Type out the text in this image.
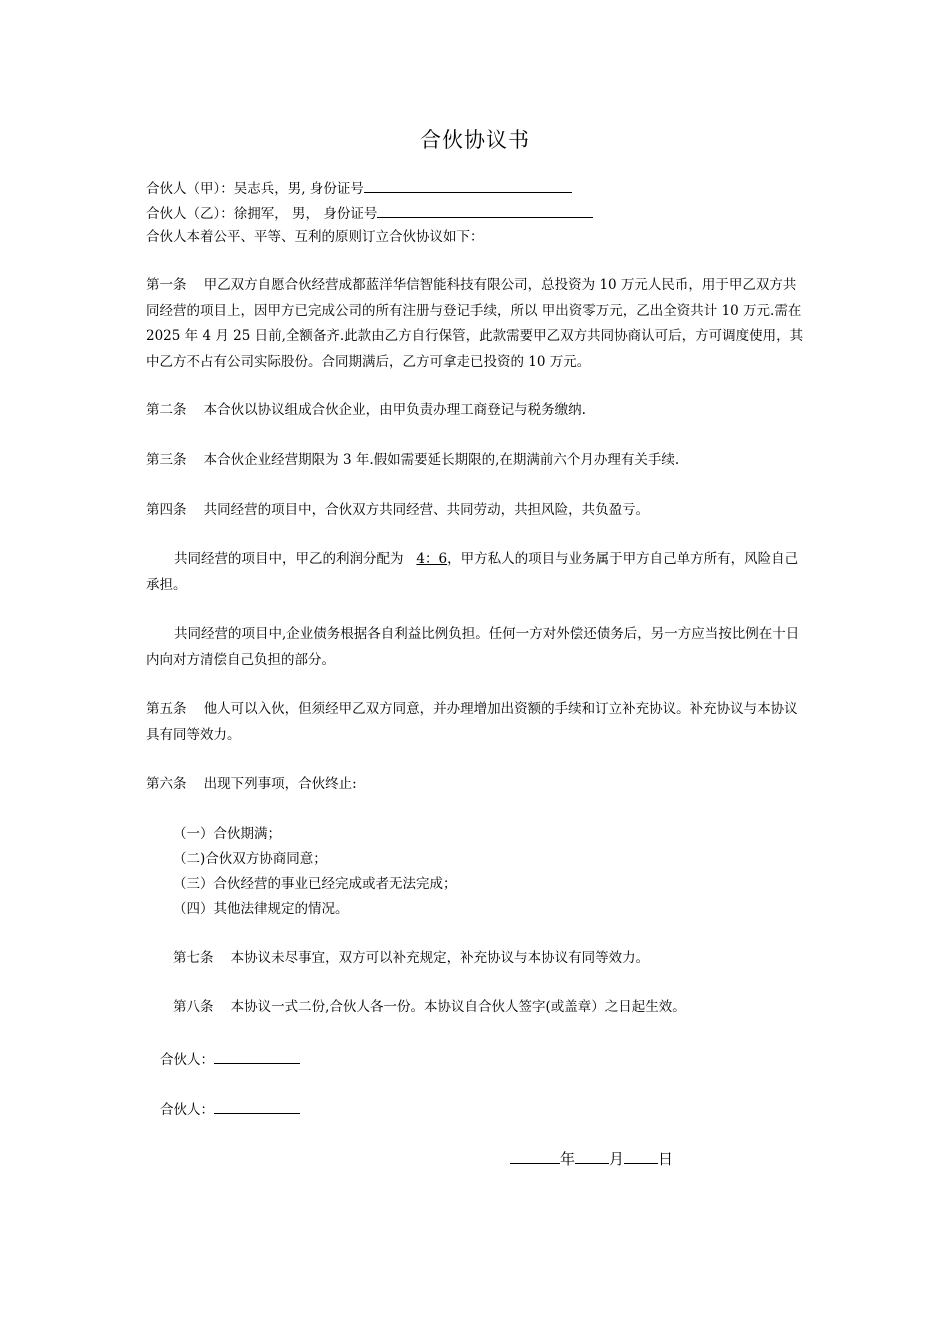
合伙协议书
合伙人（甲）：吴志兵，男, 身份证号
合伙人（乙）：徐拥军， 男， 身份证号
合伙人本着公平、平等、互利的原则订立合伙协议如下：
第一条 甲乙双方自愿合伙经营成都蓝洋华信智能科技有限公司，总投资为 10 万元人民币，用于甲乙双方共同经营的项目上，因甲方已完成公司的所有注册与登记手续，所以 甲出资零万元，乙出全资共计 10 万元.需在 2025 年 4 月 25 日前,全额备齐.此款由乙方自行保管，此款需要甲乙双方共同协商认可后，方可调度使用，其中乙方不占有公司实际股份。合同期满后，乙方可拿走已投资的 10 万元。
第二条 本合伙以协议组成合伙企业，由甲负责办理工商登记与税务缴纳.
第三条 本合伙企业经营期限为 3 年.假如需要延长期限的,在期满前六个月办理有关手续.
第四条 共同经营的项目中，合伙双方共同经营、共同劳动，共担风险，共负盈亏。
共同经营的项目中，甲乙的利润分配为   4：6，甲方私人的项目与业务属于甲方自己单方所有，风险自己承担。
共同经营的项目中,企业债务根据各自利益比例负担。任何一方对外偿还债务后，另一方应当按比例在十日内向对方清偿自己负担的部分。
第五条 他人可以入伙，但须经甲乙双方同意，并办理增加出资额的手续和订立补充协议。补充协议与本协议具有同等效力。
第六条 出现下列事项，合伙终止:
（一）合伙期满；
（二)合伙双方协商同意；
（三）合伙经营的事业已经完成或者无法完成；
（四）其他法律规定的情况。
第七条 本协议未尽事宜，双方可以补充规定，补充协议与本协议有同等效力。
第八条 本协议一式二份,合伙人各一份。本协议自合伙人签字(或盖章）之日起生效。
合伙人：
合伙人：
年 月 日
